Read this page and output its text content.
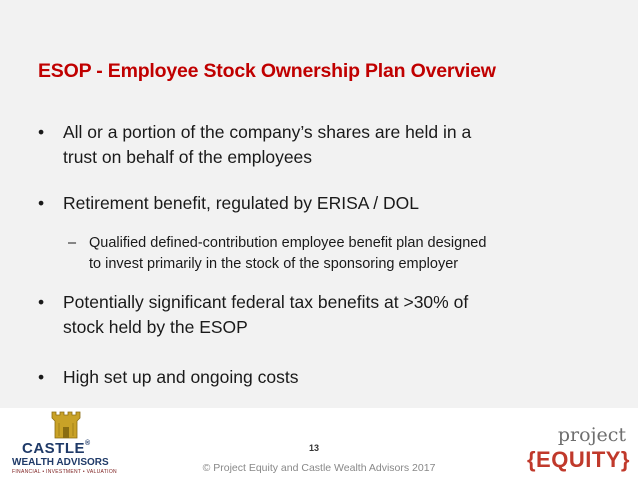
ESOP - Employee Stock Ownership Plan Overview
• All or a portion of the company’s shares are held in a
trust on behalf of the employees
• Retirement benefit, regulated by ERISA / DOL
– Qualified defined-contribution employee benefit plan designed
to invest primarily in the stock of the sponsoring employer
• Potentially significant federal tax benefits at >30% of
stock held by the ESOP
• High set up and ongoing costs
CASTLE®
WEALTH ADVISORS
FINANCIAL • INVESTMENT • VALUATION
13
© Project Equity and Castle Wealth Advisors 2017
project
{EQUITY}
